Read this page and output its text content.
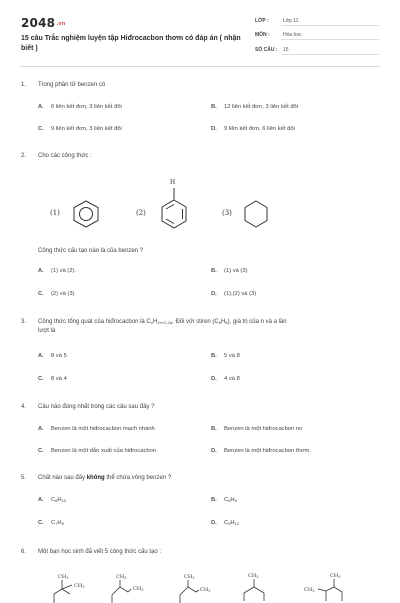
2048.vn
15 câu Trắc nghiệm luyện tập Hiđrocacbon thơm có đáp án ( nhận biết )
LỚP :	Lớp 11
MÔN :	Hóa học
SỐ CÂU : 15
1. Trong phân tử benzen có
A. 6 liên kết đơn, 3 liên kết đôi	B. 12 liên kết đơn, 3 liên kết đôi
C. 9 liên kết đơn, 3 liên kết đôi	D. 9 liên kết đơn, 6 liên kết đôi
2. Cho các công thức :
(1)	(2)
H
(3)
Công thức cấu tạo nào là của benzen ?
A. (1) và (2).	B. (1) và (3)
C. (2) và (3)	D. (1),(2) và (3)
3. Công thức tổng quát của hiđrocacbon là $C_nH_{2n+2-2a}$. Đối với stiren $(C_8H_8)$, giá trị của n và a lần
lượt là
A. 8 và 5	B. 5 và 8
C. 8 và 4	D. 4 và 8
4. Câu nào đúng nhất trong các câu sau đây ?
A. Benzen là một hiđrocacbon mạch nhánh	B. Benzen là một hiđrocacbon no
C. Benzen là một dẫn xuất của hiđrocacbon	D. Benzen là một hiđrocacbon thơm.
5. Chất nào sau đây không thể chứa vòng benzen ?
A. $C_8H_{10}$	B. $C_6H_6$
C. $C_7H_8$	D. $C_9H_{12}$
6. Một bạn học sinh đã viết 5 công thức cấu tạo :
$CH_3$
$CH_3$
$CH_3$
$CH_3$
$CH_3$
$CH_2$
$CH_3$	$CH_3$
$CH_3$
